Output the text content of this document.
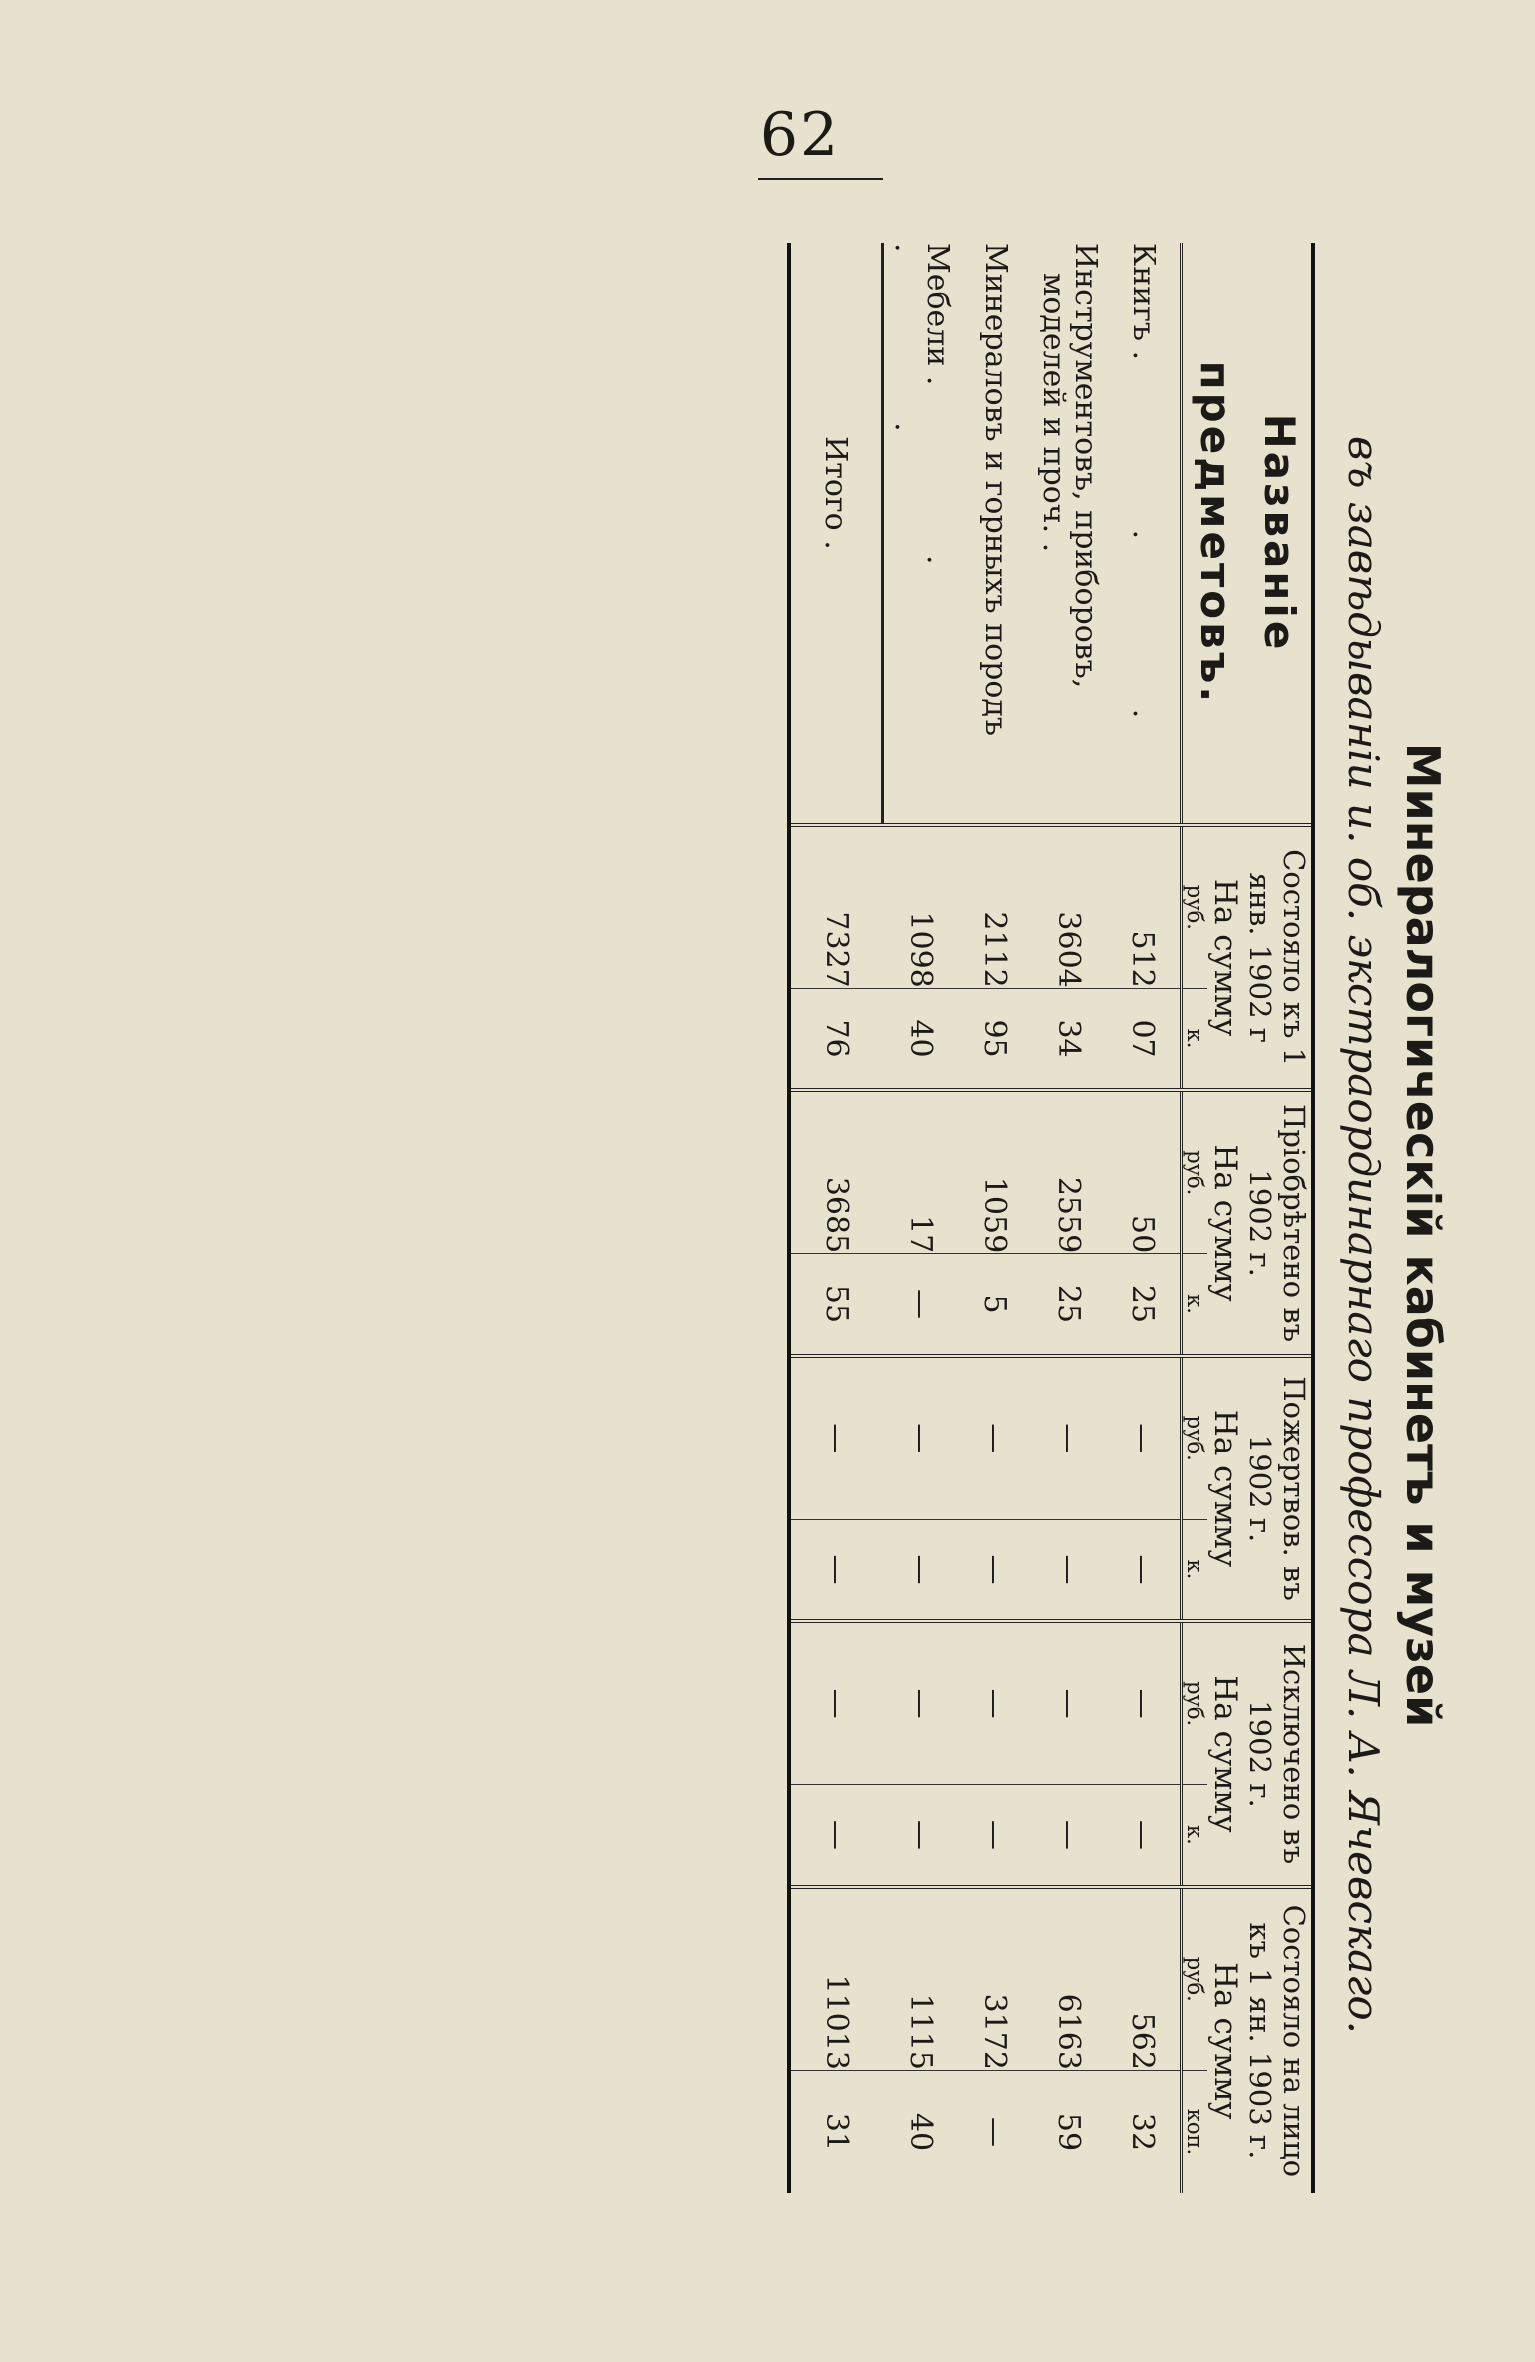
62
Минералогическій кабинетъ и музей
въ завѣдываніи и. об. экстраординарнаго профессора Л. А. Ячевскаго.

Названіе
предметовъ.	Состояло къ 1 янв. 1902 г		Пріобрѣтено въ 1902 г.		Пожертвов. въ 1902 г.		Исключено въ 1902 г.		Состояло на лицо къ 1 ян. 1903 г.	
	На сумму		На сумму		На сумму		На сумму		На сумму	
	руб.	к.	руб.	к.	руб.	к.	руб.	к.	руб.	коп.

Книгъ . . .	512	07	50	25	—	—	—	—	562	32

Инструментовъ, приборовъ,
моделей и проч. .	3604	34	2559	25	—	—	—	—	6163	59
Минераловъ и горныхъ породъ	2112	95	1059	5	—	—	—	—	3172	—
Мебели . . . .	1098	40	17	—	—	—	—	—	1115	40
Итого .	7327	76	3685	55	—	—	—	—	11013	31
